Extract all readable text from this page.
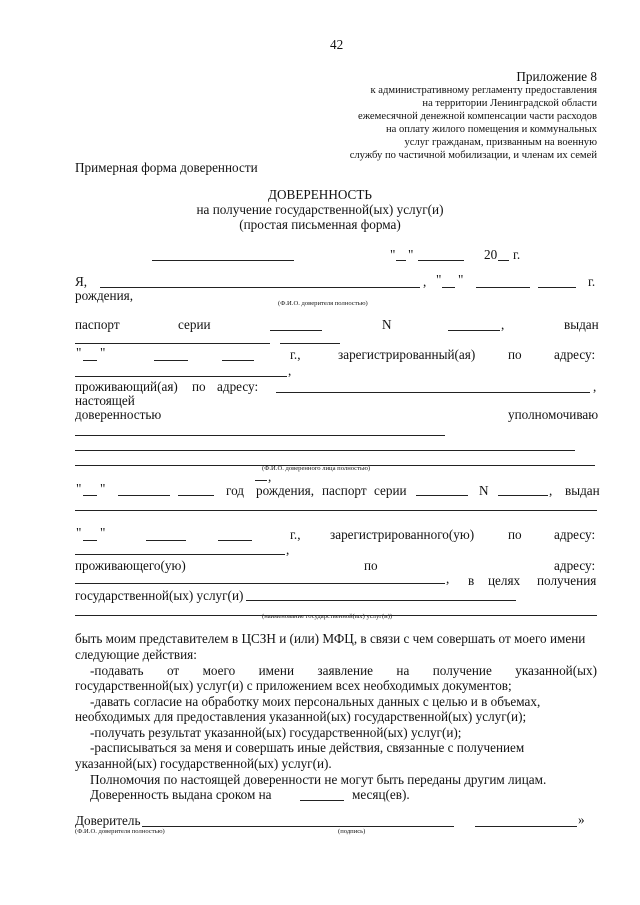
42
Приложение 8
к административному регламенту предоставления
на территории Ленинградской области
ежемесячной денежной компенсации части расходов
на оплату жилого помещения и коммунальных
услуг гражданам, призванным на военную
службу по частичной мобилизации, и членам их семей
Примерная форма доверенности
ДОВЕРЕННОСТЬ
на получение государственной(ых) услуг(и)
(простая письменная форма)
" "	20 г.
Я,	, " "	г.
рождения,
(Ф.И.О. доверителя полностью)
паспорт	серии	N	,	выдан
" "	г.,	зарегистрированный(ая) по адресу:
,
проживающий(ая) по адресу:	,
настоящей
доверенностью	уполномочиваю
(Ф.И.О. доверенного лица полностью)
,
" "	год рождения, паспорт серии	N	, выдан
" "	г., зарегистрированного(ую)	по адресу:
,
проживающего(ую)	по	адресу:
, в целях получения
государственной(ых) услуг(и)
(наименование государственной(ых) услуг(и))
быть моим представителем в ЦСЗН и (или) МФЦ, в связи с чем совершать от моего имени
следующие действия:
-подавать от моего имени заявление на получение указанной(ых)
государственной(ых) услуг(и) с приложением всех необходимых документов;
-давать согласие на обработку моих персональных данных с целью и в объемах,
необходимых для предоставления указанной(ых) государственной(ых) услуг(и);
-получать результат указанной(ых) государственной(ых) услуг(и);
-расписываться за меня и совершать иные действия, связанные с получением
указанной(ых) государственной(ых) услуг(и).
Полномочия по настоящей доверенности не могут быть переданы другим лицам.
Доверенность выдана сроком на	месяц(ев).
Доверитель	»
(Ф.И.О. доверителя полностью)	(подпись)
